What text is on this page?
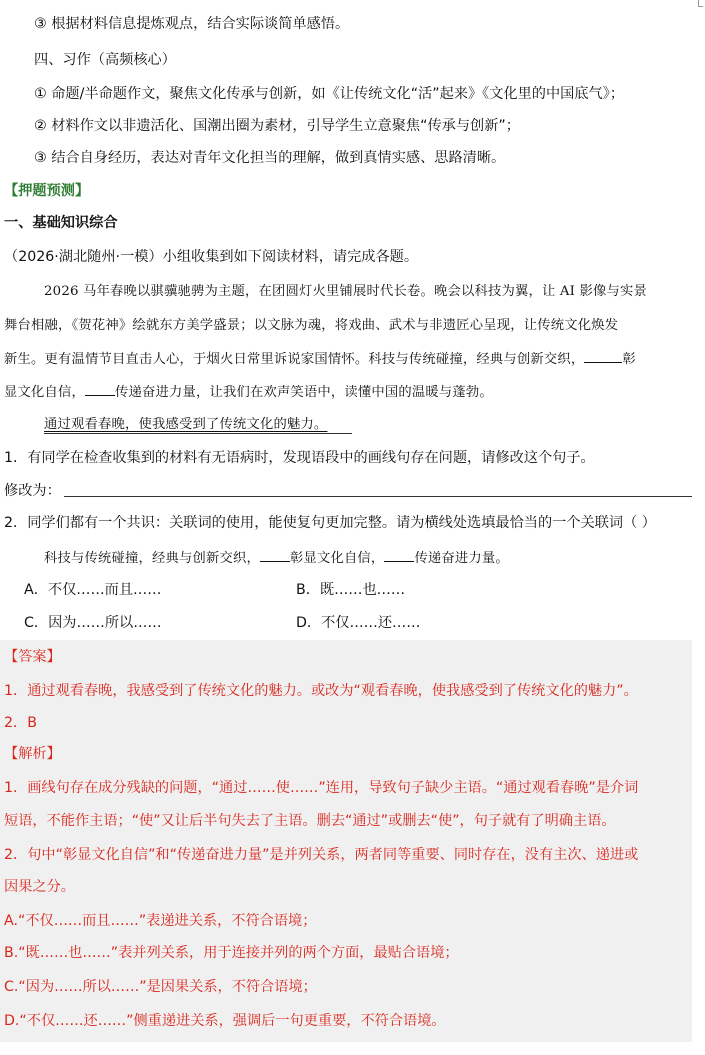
③ 根据材料信息提炼观点，结合实际谈简单感悟。
四、习作（高频核心）
① 命题/半命题作文，聚焦文化传承与创新，如《让传统文化“活”起来》《文化里的中国底气》；
② 材料作文以非遗活化、国潮出圈为素材，引导学生立意聚焦“传承与创新”；
③ 结合自身经历，表达对青年文化担当的理解，做到真情实感、思路清晰。
【押题预测】
一、基础知识综合
（2026·湖北随州·一模）小组收集到如下阅读材料，请完成各题。
2026 马年春晚以骐骥驰骋为主题，在团圆灯火里铺展时代长卷。晚会以科技为翼，让 AI 影像与实景
舞台相融，《贺花神》绘就东方美学盛景；以文脉为魂，将戏曲、武术与非遗匠心呈现，让传统文化焕发
新生。更有温情节目直击人心，于烟火日常里诉说家国情怀。科技与传统碰撞，经典与创新交织，	彰
显文化自信， 传递奋进力量，让我们在欢声笑语中，读懂中国的温暖与蓬勃。
通过观看春晚，使我感受到了传统文化的魅力。
1．有同学在检查收集到的材料有无语病时，发现语段中的画线句存在问题，请修改这个句子。
修改为：
2．同学们都有一个共识：关联词的使用，能使复句更加完整。请为横线处选填最恰当的一个关联词（ ）
科技与传统碰撞，经典与创新交织， 彰显文化自信， 传递奋进力量。
A．不仅……而且……	B．既……也……
C．因为……所以……	D．不仅……还……
【答案】
1．通过观看春晚，我感受到了传统文化的魅力。或改为“观看春晚，使我感受到了传统文化的魅力”。
2．B
【解析】
1．画线句存在成分残缺的问题，“通过……使……”连用，导致句子缺少主语。“通过观看春晚”是介词
短语，不能作主语；“使”又让后半句失去了主语。删去“通过”或删去“使”，句子就有了明确主语。
2．句中“彰显文化自信”和“传递奋进力量”是并列关系，两者同等重要、同时存在，没有主次、递进或
因果之分。
A.“不仅……而且……”表递进关系，不符合语境；
B.“既……也……”表并列关系，用于连接并列的两个方面，最贴合语境；
C.“因为……所以……”是因果关系，不符合语境；
D.“不仅……还……”侧重递进关系，强调后一句更重要，不符合语境。
